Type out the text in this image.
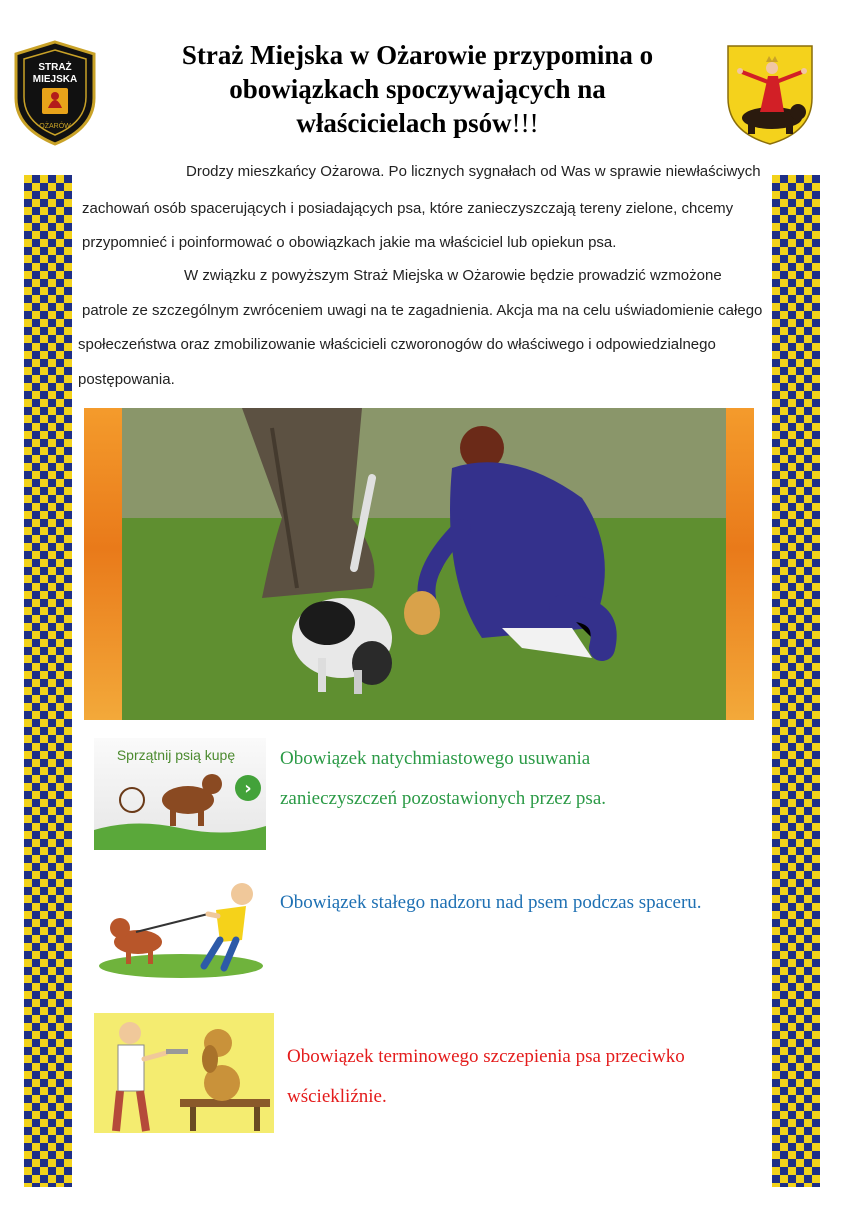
STRAŻ
MIEJSKA
OŻARÓW
Straż Miejska w Ożarowie przypomina o
obowiązkach spoczywających na
właścicielach psów!!!
Drodzy mieszkańcy Ożarowa. Po licznych sygnałach od Was w sprawie niewłaściwych
zachowań osób spacerujących i posiadających psa, które zanieczyszczają tereny zielone, chcemy
przypomnieć i poinformować o obowiązkach jakie ma właściciel lub opiekun psa.
W związku z powyższym Straż Miejska w Ożarowie będzie prowadzić wzmożone
patrole ze szczególnym zwróceniem uwagi na te zagadnienia. Akcja ma na celu uświadomienie całego
społeczeństwa oraz zmobilizowanie właścicieli czworonogów do właściwego i odpowiedzialnego
postępowania.
Sprzątnij psią kupę
›
Obowiązek natychmiastowego usuwania
zanieczyszczeń pozostawionych przez psa.
Obowiązek stałego nadzoru nad psem podczas spaceru.
Obowiązek terminowego szczepienia psa przeciwko
wściekliźnie.
